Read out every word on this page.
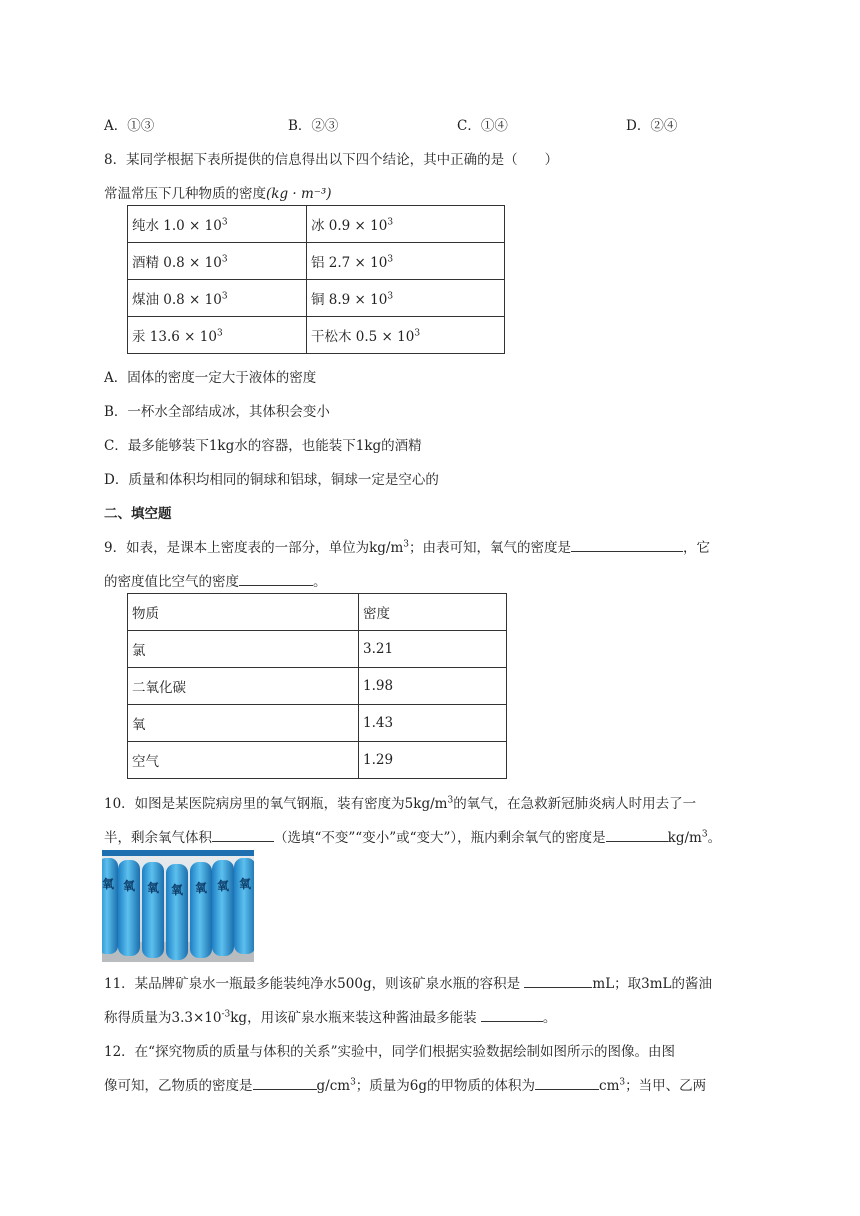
A．①③	B．②③	C．①④	D．②④
8．某同学根据下表所提供的信息得出以下四个结论，其中正确的是（　　）
常温常压下几种物质的密度(kg · m⁻³)
纯水 $1.0 \times 10^3$	冰 $0.9 \times 10^3$
酒精 $0.8 \times 10^3$	铝 $2.7 \times 10^3$
煤油 $0.8 \times 10^3$	铜 $8.9 \times 10^3$
汞 $13.6 \times 10^3$	干松木 $0.5 \times 10^3$
A．固体的密度一定大于液体的密度
B．一杯水全部结成冰，其体积会变小
C．最多能够装下1kg水的容器，也能装下1kg的酒精
D．质量和体积均相同的铜球和铝球，铜球一定是空心的
二、填空题
9．如表，是课本上密度表的一部分，单位为$kg/m^3$；由表可知，氧气的密度是	，它
的密度值比空气的密度	。
物质	密度
氯	3.21
二氧化碳	1.98
氧	1.43
空气	1.29
10．如图是某医院病房里的氧气钢瓶，装有密度为$5kg/m^3$的氧气，在急救新冠肺炎病人时用去了一
半，剩余氧气体积	（选填“不变”“变小”或“变大”），瓶内剩余氧气的密度是	$kg/m^3$。
氧 氧 氧 氧 氧 氧 氧
11．某品牌矿泉水一瓶最多能装纯净水500g，则该矿泉水瓶的容积是	mL；取3mL的酱油
称得质量为$3.3\times 10^{-3}kg$，用该矿泉水瓶来装这种酱油最多能装	。
12．在“探究物质的质量与体积的关系”实验中，同学们根据实验数据绘制如图所示的图像。由图
像可知，乙物质的密度是	$g/cm^3$；质量为6g的甲物质的体积为	$cm^3$；当甲、乙两
